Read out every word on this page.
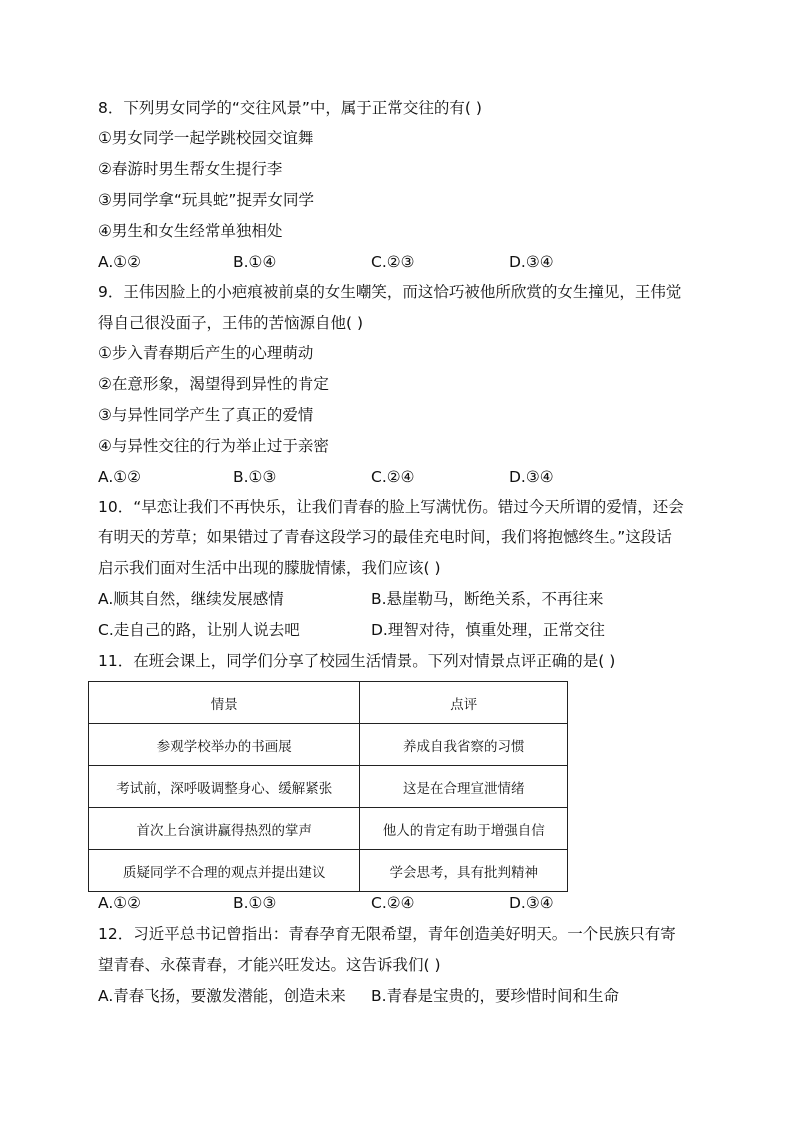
8．下列男女同学的“交往风景”中，属于正常交往的有( )
①男女同学一起学跳校园交谊舞
②春游时男生帮女生提行李
③男同学拿“玩具蛇”捉弄女同学
④男生和女生经常单独相处
A.①②	B.①④	C.②③	D.③④
9．王伟因脸上的小疤痕被前桌的女生嘲笑，而这恰巧被他所欣赏的女生撞见，王伟觉
得自己很没面子，王伟的苦恼源自他( )
①步入青春期后产生的心理萌动
②在意形象，渴望得到异性的肯定
③与异性同学产生了真正的爱情
④与异性交往的行为举止过于亲密
A.①②	B.①③	C.②④	D.③④
10．“早恋让我们不再快乐，让我们青春的脸上写满忧伤。错过今天所谓的爱情，还会
有明天的芳草；如果错过了青春这段学习的最佳充电时间，我们将抱憾终生。”这段话
启示我们面对生活中出现的朦胧情愫，我们应该( )
A.顺其自然，继续发展感情	B.悬崖勒马，断绝关系，不再往来
C.走自己的路，让别人说去吧	D.理智对待，慎重处理，正常交往
11．在班会课上，同学们分享了校园生活情景。下列对情景点评正确的是( )
情景	点评
参观学校举办的书画展	养成自我省察的习惯
考试前，深呼吸调整身心、缓解紧张	这是在合理宣泄情绪
首次上台演讲赢得热烈的掌声	他人的肯定有助于增强自信
质疑同学不合理的观点并提出建议	学会思考，具有批判精神
A.①②	B.①③	C.②④	D.③④
12．习近平总书记曾指出：青春孕育无限希望，青年创造美好明天。一个民族只有寄
望青春、永葆青春，才能兴旺发达。这告诉我们( )
A.青春飞扬，要激发潜能，创造未来 B.青春是宝贵的，要珍惜时间和生命
